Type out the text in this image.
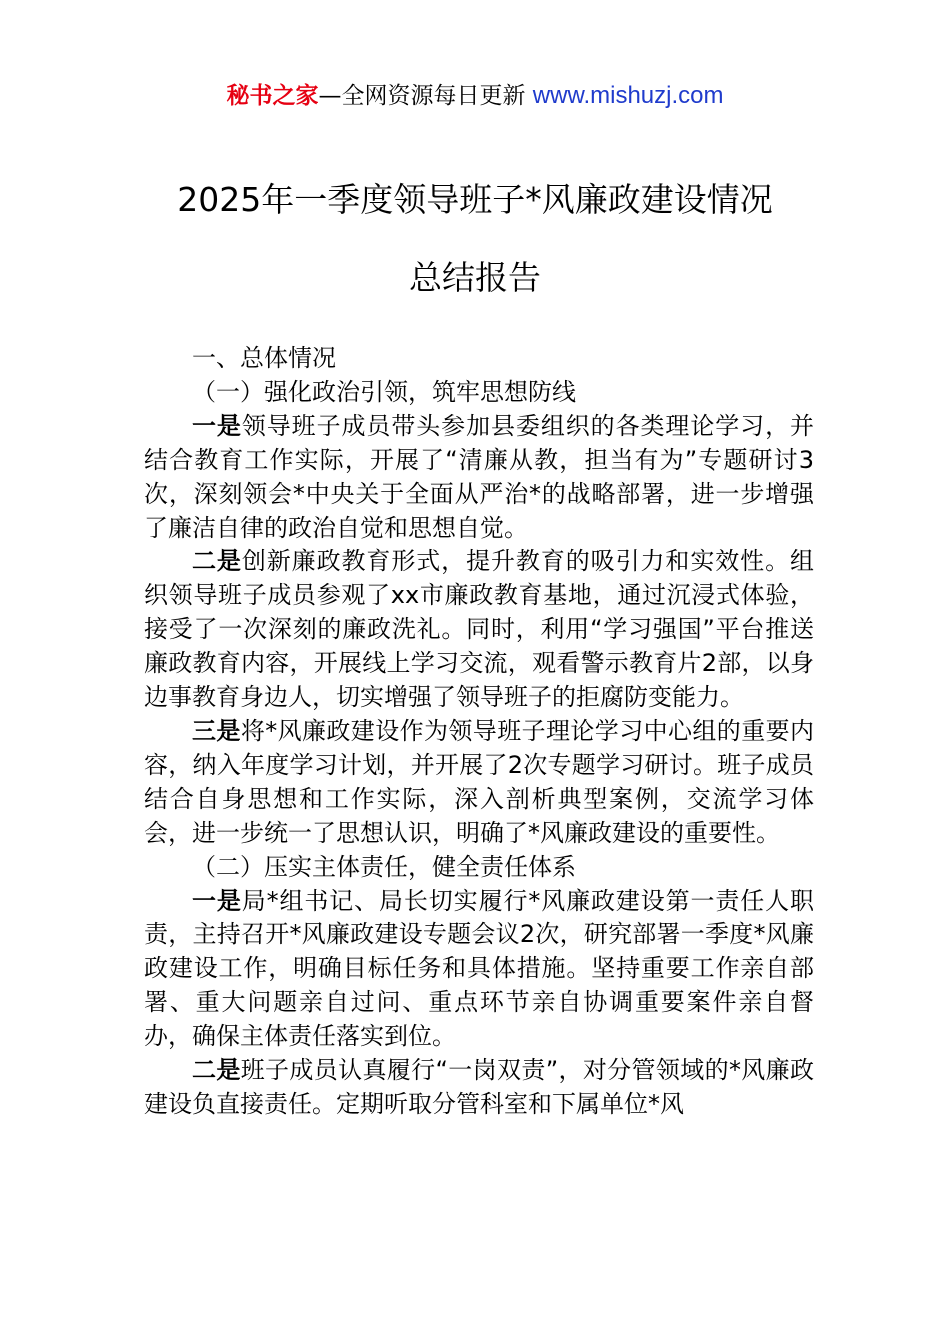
秘书之家—全网资源每日更新 www.mishuzj.com
2025年一季度领导班子*风廉政建设情况
总结报告

一、总体情况

（一）强化政治引领，筑牢思想防线

一是领导班子成员带头参加县委组织的各类理论学习，并结合教育工作实际，开展了“清廉从教，担当有为”专题研讨3次，深刻领会*中央关于全面从严治*的战略部署，进一步增强了廉洁自律的政治自觉和思想自觉。

二是创新廉政教育形式，提升教育的吸引力和实效性。组织领导班子成员参观了xx市廉政教育基地，通过沉浸式体验，接受了一次深刻的廉政洗礼。同时，利用“学习强国”平台推送廉政教育内容，开展线上学习交流，观看警示教育片2部，以身边事教育身边人，切实增强了领导班子的拒腐防变能力。

三是将*风廉政建设作为领导班子理论学习中心组的重要内容，纳入年度学习计划，并开展了2次专题学习研讨。班子成员结合自身思想和工作实际，深入剖析典型案例，交流学习体会，进一步统一了思想认识，明确了*风廉政建设的重要性。

（二）压实主体责任，健全责任体系

一是局*组书记、局长切实履行*风廉政建设第一责任人职责，主持召开*风廉政建设专题会议2次，研究部署一季度*风廉政建设工作，明确目标任务和具体措施。坚持重要工作亲自部署、重大问题亲自过问、重点环节亲自协调重要案件亲自督办，确保主体责任落实到位。

二是班子成员认真履行“一岗双责”，对分管领域的*风廉政建设负直接责任。定期听取分管科室和下属单位*风
